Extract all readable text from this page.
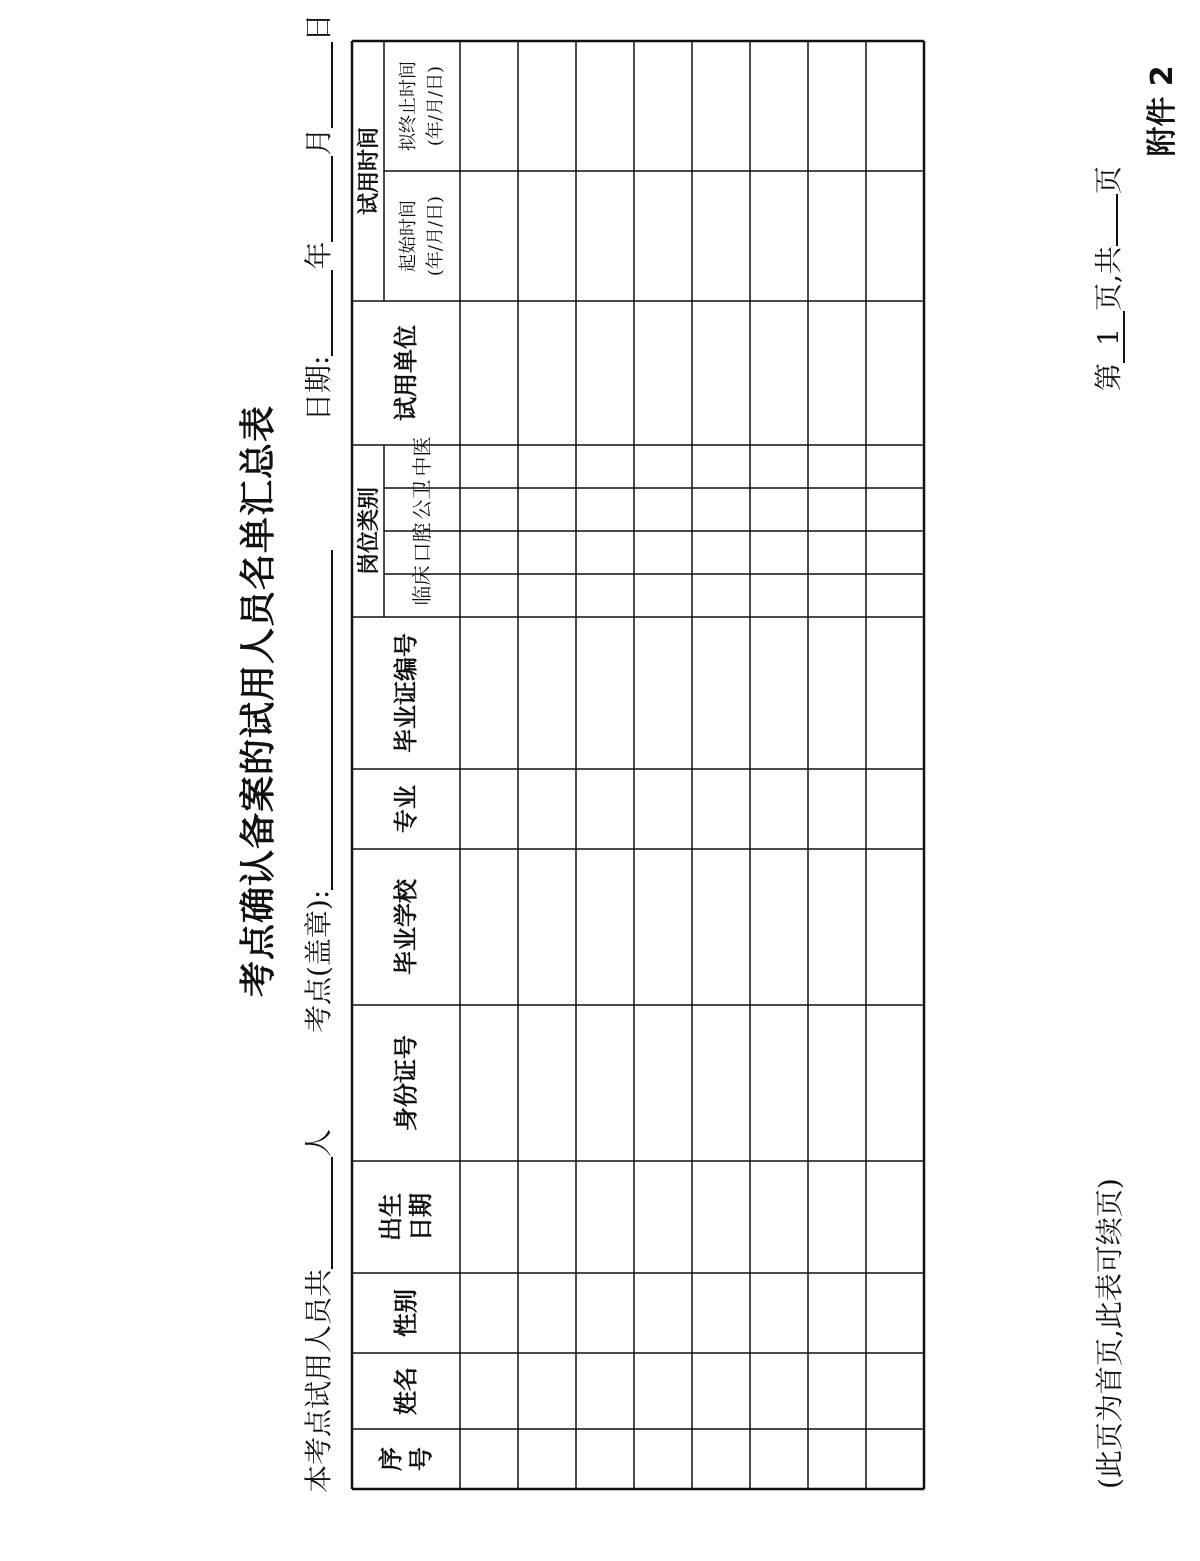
附件 2
考点确认备案的试用人员名单汇总表
本考点试用人员共人
考点(盖章):
日期:年月日
序号
姓名
性别
出生日期
身份证号
毕业学校
专业
毕业证编号
岗位类别
临床
口腔
公卫
中医
试用单位
试用时间
起始时间 (年/月/日)
拟终止时间 (年/月/日)
(此页为首页,此表可续页)
第1页,共页
